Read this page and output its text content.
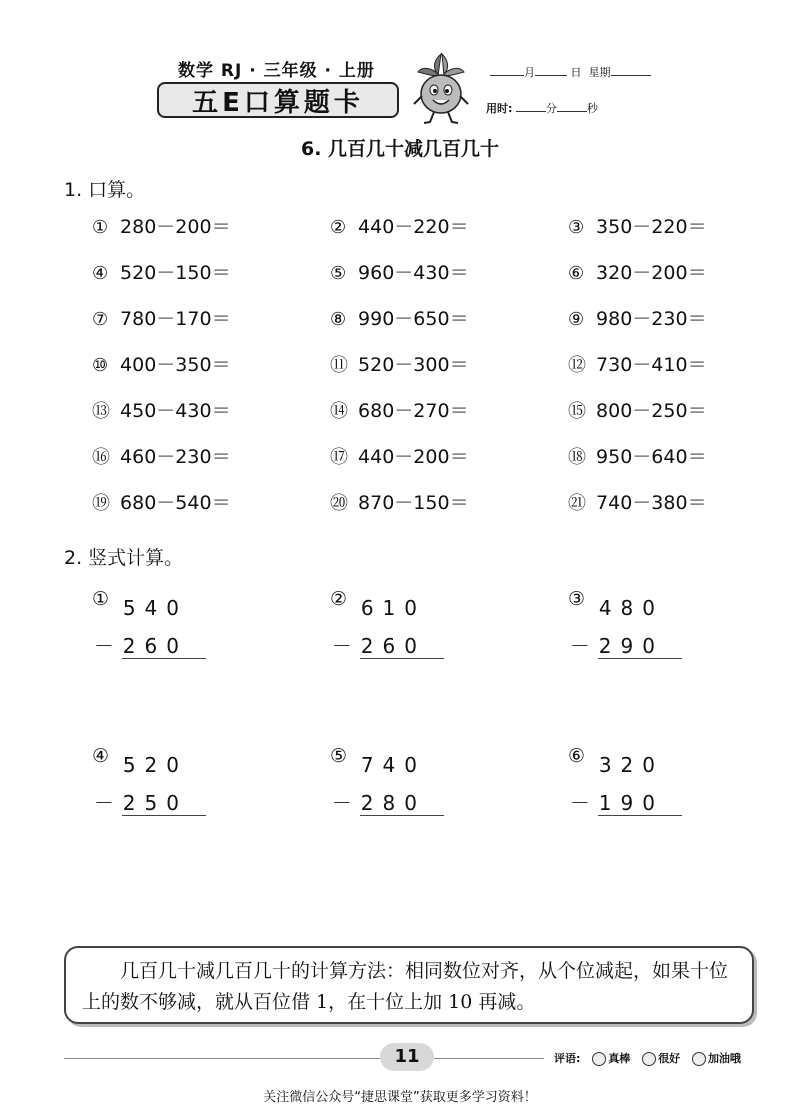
数学 RJ · 三年级 · 上册
五E口算题卡
月	日 星期
用时:	分	秒
6. 几百几十减几百几十
1. 口算。
① 280－200＝	② 440－220＝	③ 350－220＝
④ 520－150＝	⑤ 960－430＝	⑥ 320－200＝
⑦ 780－170＝	⑧ 990－650＝	⑨ 980－230＝
⑩ 400－350＝	⑪ 520－300＝	⑫ 730－410＝
⑬ 450－430＝	⑭ 680－270＝	⑮ 800－250＝
⑯ 460－230＝	⑰ 440－200＝	⑱ 950－640＝
⑲ 680－540＝	⑳ 870－150＝	㉑ 740－380＝
2. 竖式计算。
① 540
－260
② 610
－260
③ 480
－290
④ 520
－250
⑤ 740
－280
⑥ 320
－190
几百几十减几百几十的计算方法：相同数位对齐，从个位减起，如果十位上的数不够减，就从百位借 1，在十位上加 10 再减。
11	评语:	真棒	很好	加油哦
关注微信公众号“捷思课堂”获取更多学习资料！
